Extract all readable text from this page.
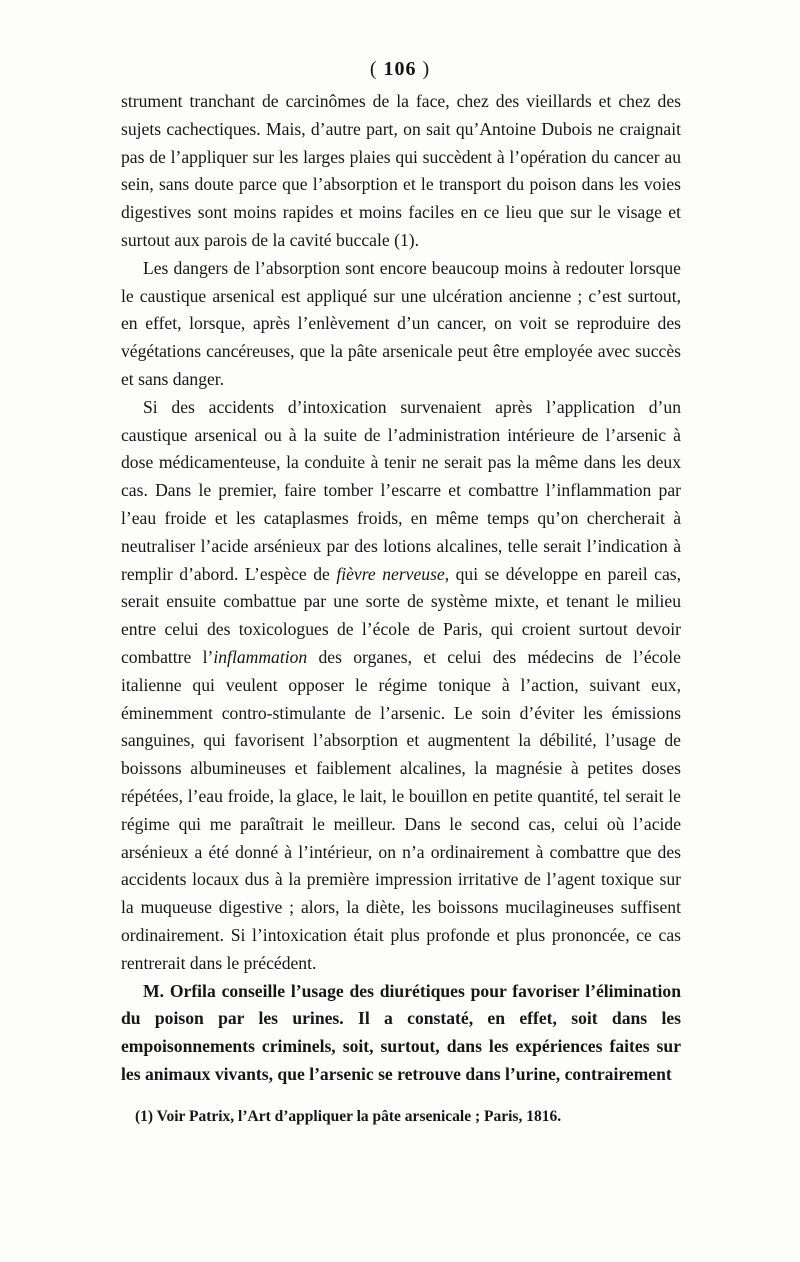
( 106 )

strument tranchant de carcinômes de la face, chez des vieillards et chez des sujets cachectiques. Mais, d’autre part, on sait qu’Antoine Dubois ne craignait pas de l’appliquer sur les larges plaies qui succèdent à l’opération du cancer au sein, sans doute parce que l’absorption et le transport du poison dans les voies digestives sont moins rapides et moins faciles en ce lieu que sur le visage et surtout aux parois de la cavité buccale (1).

Les dangers de l’absorption sont encore beaucoup moins à redouter lorsque le caustique arsenical est appliqué sur une ulcération ancienne ; c’est surtout, en effet, lorsque, après l’enlèvement d’un cancer, on voit se reproduire des végétations cancéreuses, que la pâte arsenicale peut être employée avec succès et sans danger.

Si des accidents d’intoxication survenaient après l’application d’un caustique arsenical ou à la suite de l’administration intérieure de l’arsenic à dose médicamenteuse, la conduite à tenir ne serait pas la même dans les deux cas. Dans le premier, faire tomber l’escarre et combattre l’inflammation par l’eau froide et les cataplasmes froids, en même temps qu’on chercherait à neutraliser l’acide arsénieux par des lotions alcalines, telle serait l’indication à remplir d’abord. L’espèce de fièvre nerveuse, qui se développe en pareil cas, serait ensuite combattue par une sorte de système mixte, et tenant le milieu entre celui des toxicologues de l’école de Paris, qui croient surtout devoir combattre l’inflammation des organes, et celui des médecins de l’école italienne qui veulent opposer le régime tonique à l’action, suivant eux, éminemment contro-stimulante de l’arsenic. Le soin d’éviter les émissions sanguines, qui favorisent l’absorption et augmentent la débilité, l’usage de boissons albumineuses et faiblement alcalines, la magnésie à petites doses répétées, l’eau froide, la glace, le lait, le bouillon en petite quantité, tel serait le régime qui me paraîtrait le meilleur. Dans le second cas, celui où l’acide arsénieux a été donné à l’intérieur, on n’a ordinairement à combattre que des accidents locaux dus à la première impression irritative de l’agent toxique sur la muqueuse digestive ; alors, la diète, les boissons mucilagineuses suffisent ordinairement. Si l’intoxication était plus profonde et plus prononcée, ce cas rentrerait dans le précédent.

M. Orfila conseille l’usage des diurétiques pour favoriser l’élimination du poison par les urines. Il a constaté, en effet, soit dans les empoisonnements criminels, soit, surtout, dans les expériences faites sur les animaux vivants, que l’arsenic se retrouve dans l’urine, contrairement

(1) Voir Patrix, l’Art d’appliquer la pâte arsenicale ; Paris, 1816.
